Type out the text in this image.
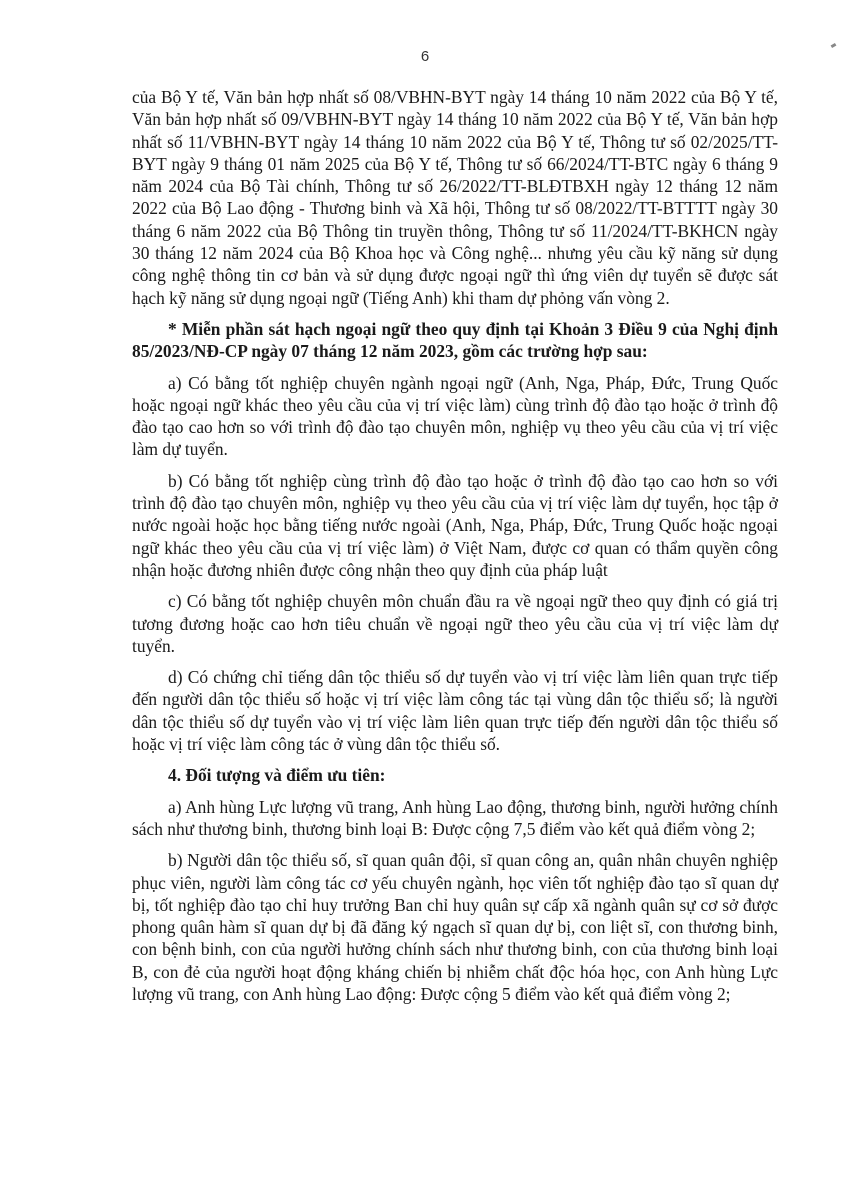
6

của Bộ Y tế, Văn bản hợp nhất số 08/VBHN-BYT ngày 14 tháng 10 năm 2022 của Bộ Y tế, Văn bản hợp nhất số 09/VBHN-BYT ngày 14 tháng 10 năm 2022 của Bộ Y tế, Văn bản hợp nhất số 11/VBHN-BYT ngày 14 tháng 10 năm 2022 của Bộ Y tế, Thông tư số 02/2025/TT-BYT ngày 9 tháng 01 năm 2025 của Bộ Y tế, Thông tư số 66/2024/TT-BTC ngày 6 tháng 9 năm 2024 của Bộ Tài chính, Thông tư số 26/2022/TT-BLĐTBXH ngày 12 tháng 12 năm 2022 của Bộ Lao động - Thương binh và Xã hội, Thông tư số 08/2022/TT-BTTTT ngày 30 tháng 6 năm 2022 của Bộ Thông tin truyền thông, Thông tư số 11/2024/TT-BKHCN ngày 30 tháng 12 năm 2024 của Bộ Khoa học và Công nghệ... nhưng yêu cầu kỹ năng sử dụng công nghệ thông tin cơ bản và sử dụng được ngoại ngữ thì ứng viên dự tuyển sẽ được sát hạch kỹ năng sử dụng ngoại ngữ (Tiếng Anh) khi tham dự phỏng vấn vòng 2.

* Miễn phần sát hạch ngoại ngữ theo quy định tại Khoản 3 Điều 9 của Nghị định 85/2023/NĐ-CP ngày 07 tháng 12 năm 2023, gồm các trường hợp sau:

a) Có bằng tốt nghiệp chuyên ngành ngoại ngữ (Anh, Nga, Pháp, Đức, Trung Quốc hoặc ngoại ngữ khác theo yêu cầu của vị trí việc làm) cùng trình độ đào tạo hoặc ở trình độ đào tạo cao hơn so với trình độ đào tạo chuyên môn, nghiệp vụ theo yêu cầu của vị trí việc làm dự tuyển.

b) Có bằng tốt nghiệp cùng trình độ đào tạo hoặc ở trình độ đào tạo cao hơn so với trình độ đào tạo chuyên môn, nghiệp vụ theo yêu cầu của vị trí việc làm dự tuyển, học tập ở nước ngoài hoặc học bằng tiếng nước ngoài (Anh, Nga, Pháp, Đức, Trung Quốc hoặc ngoại ngữ khác theo yêu cầu của vị trí việc làm) ở Việt Nam, được cơ quan có thẩm quyền công nhận hoặc đương nhiên được công nhận theo quy định của pháp luật

c) Có bằng tốt nghiệp chuyên môn chuẩn đầu ra về ngoại ngữ theo quy định có giá trị tương đương hoặc cao hơn tiêu chuẩn về ngoại ngữ theo yêu cầu của vị trí việc làm dự tuyển.

d) Có chứng chỉ tiếng dân tộc thiểu số dự tuyển vào vị trí việc làm liên quan trực tiếp đến người dân tộc thiểu số hoặc vị trí việc làm công tác tại vùng dân tộc thiểu số; là người dân tộc thiểu số dự tuyển vào vị trí việc làm liên quan trực tiếp đến người dân tộc thiểu số hoặc vị trí việc làm công tác ở vùng dân tộc thiểu số.

4. Đối tượng và điểm ưu tiên:

a) Anh hùng Lực lượng vũ trang, Anh hùng Lao động, thương binh, người hưởng chính sách như thương binh, thương binh loại B: Được cộng 7,5 điểm vào kết quả điểm vòng 2;

b) Người dân tộc thiểu số, sĩ quan quân đội, sĩ quan công an, quân nhân chuyên nghiệp phục viên, người làm công tác cơ yếu chuyên ngành, học viên tốt nghiệp đào tạo sĩ quan dự bị, tốt nghiệp đào tạo chỉ huy trưởng Ban chỉ huy quân sự cấp xã ngành quân sự cơ sở được phong quân hàm sĩ quan dự bị đã đăng ký ngạch sĩ quan dự bị, con liệt sĩ, con thương binh, con bệnh binh, con của người hưởng chính sách như thương binh, con của thương binh loại B, con đẻ của người hoạt động kháng chiến bị nhiễm chất độc hóa học, con Anh hùng Lực lượng vũ trang, con Anh hùng Lao động: Được cộng 5 điểm vào kết quả điểm vòng 2;
